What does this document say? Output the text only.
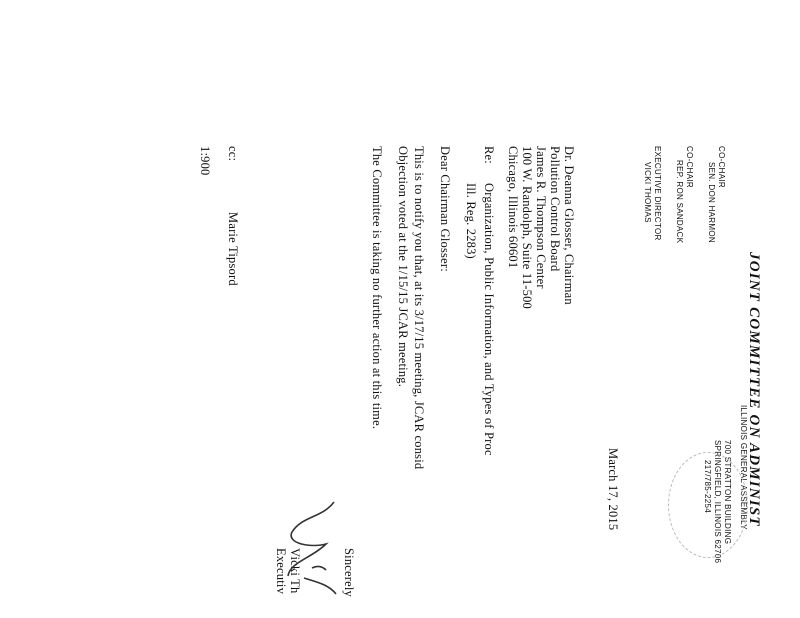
JOINT COMMITTEE ON ADMINIST
ILLINOIS GENERAL ASSEMBLY
700 STRATTON BUILDING
SPRINGFIELD, ILLINOIS 62706
217/785-2254
CO-CHAIR
SEN. DON HARMON
CO-CHAIR
REP. RON SANDACK
EXECUTIVE DIRECTOR
VICKI THOMAS
March 17, 2015
Dr. Deanna Glosser, Chairman
Pollution Control Board
James R. Thompson Center
100 W. Randolph, Suite 11-500
Chicago, Illinois 60601
Re:
Organization, Public Information, and Types of Proc
Ill. Reg. 2283)
Dear Chairman Glosser:
This is to notify you that, at its 3/17/15 meeting, JCAR consid
Objection voted at the 1/15/15 JCAR meeting.
The Committee is taking no further action at this time.
Sincerely
Vicki Th
Executiv
cc:
Marie Tipsord
1:900
